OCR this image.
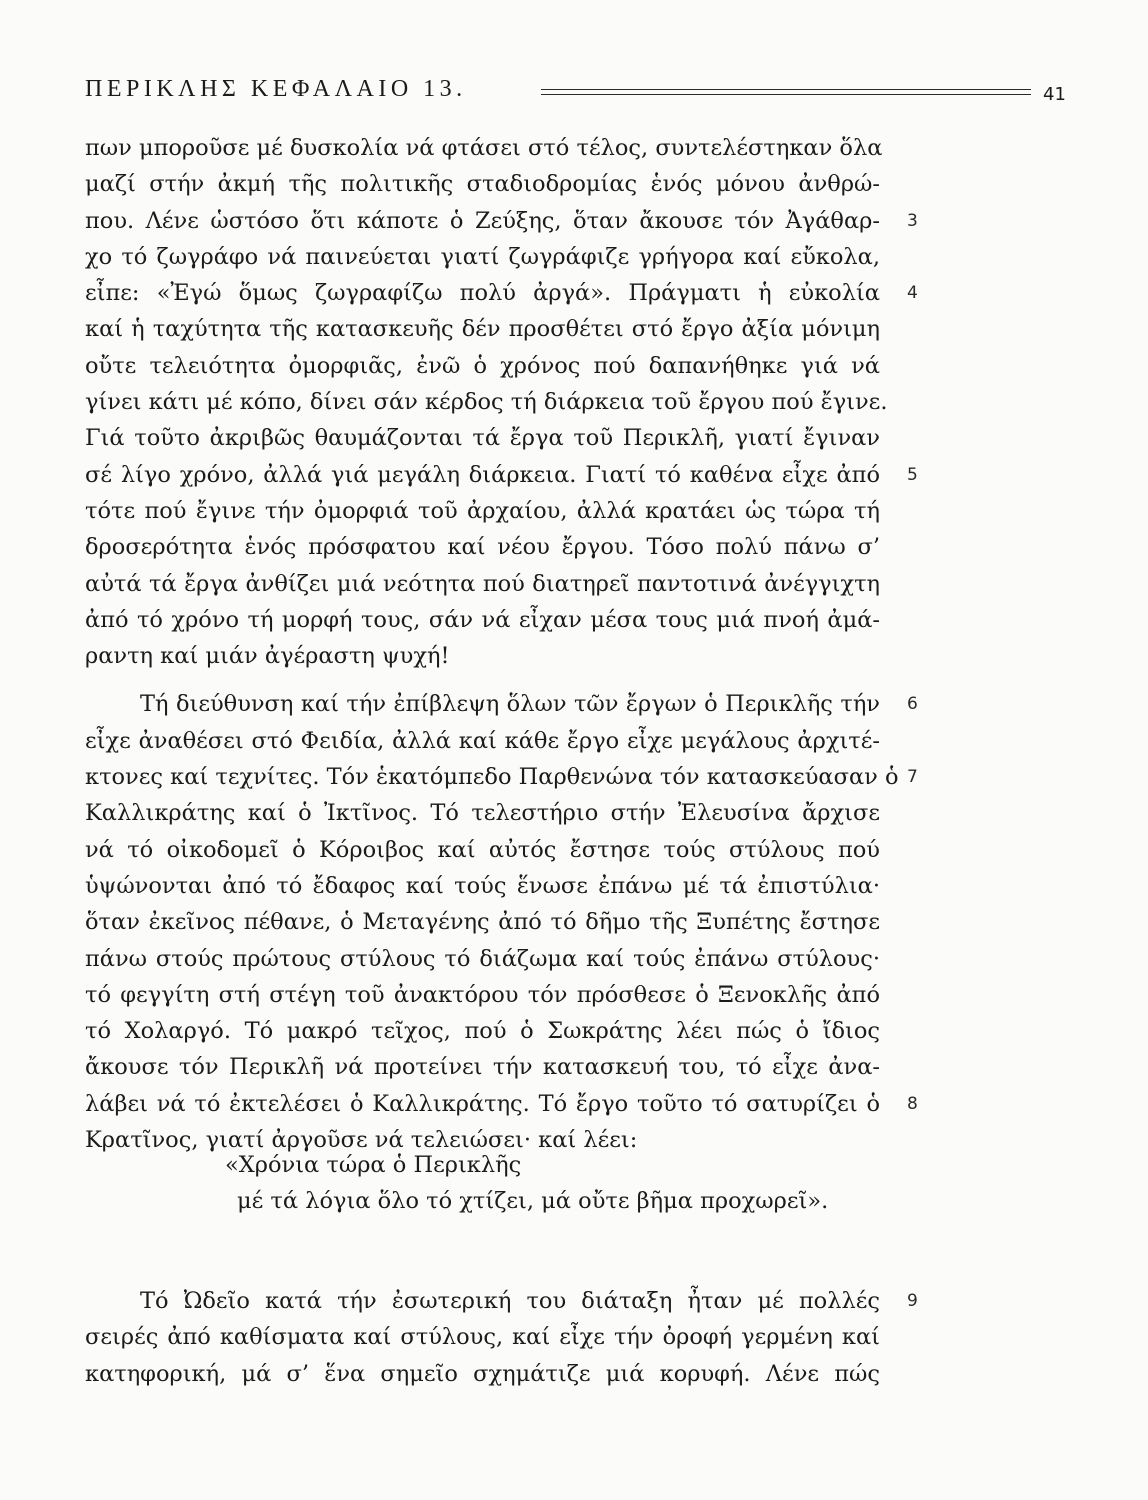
ΠΕΡΙΚΛΗΣ ΚΕΦΑΛΑΙΟ 13.	41
πων μποροῦσε μέ δυσκολία νά φτάσει στό τέλος, συντελέστηκαν ὅλα
μαζί στήν ἀκμή τῆς πολιτικῆς σταδιοδρομίας ἑνός μόνου ἀνθρώ-
που. Λένε ὡστόσο ὅτι κάποτε ὁ Ζεύξης, ὅταν ἄκουσε τόν Ἀγάθαρ- 3
χο τό ζωγράφο νά παινεύεται γιατί ζωγράφιζε γρήγορα καί εὔκολα,
εἶπε: «Ἐγώ ὅμως ζωγραφίζω πολύ ἀργά». Πράγματι ἡ εὐκολία 4
καί ἡ ταχύτητα τῆς κατασκευῆς δέν προσθέτει στό ἔργο ἀξία μόνιμη
οὔτε τελειότητα ὀμορφιᾶς, ἐνῶ ὁ χρόνος πού δαπανήθηκε γιά νά
γίνει κάτι μέ κόπο, δίνει σάν κέρδος τή διάρκεια τοῦ ἔργου πού ἔγινε.
Γιά τοῦτο ἀκριβῶς θαυμάζονται τά ἔργα τοῦ Περικλῆ, γιατί ἔγιναν
σέ λίγο χρόνο, ἀλλά γιά μεγάλη διάρκεια. Γιατί τό καθένα εἶχε ἀπό 5
τότε πού ἔγινε τήν ὀμορφιά τοῦ ἀρχαίου, ἀλλά κρατάει ὡς τώρα τή
δροσερότητα ἑνός πρόσφατου καί νέου ἔργου. Τόσο πολύ πάνω σ’
αὐτά τά ἔργα ἀνθίζει μιά νεότητα πού διατηρεῖ παντοτινά ἀνέγγιχτη
ἀπό τό χρόνο τή μορφή τους, σάν νά εἶχαν μέσα τους μιά πνοή ἀμά-
ραντη καί μιάν ἀγέραστη ψυχή!
Τή διεύθυνση καί τήν ἐπίβλεψη ὅλων τῶν ἔργων ὁ Περικλῆς τήν 6
εἶχε ἀναθέσει στό Φειδία, ἀλλά καί κάθε ἔργο εἶχε μεγάλους ἀρχιτέ-
κτονες καί τεχνίτες. Τόν ἑκατόμπεδο Παρθενώνα τόν κατασκεύασαν ὁ 7
Καλλικράτης καί ὁ Ἰκτῖνος. Τό τελεστήριο στήν Ἐλευσίνα ἄρχισε
νά τό οἰκοδομεῖ ὁ Κόροιβος καί αὐτός ἔστησε τούς στύλους πού
ὑψώνονται ἀπό τό ἔδαφος καί τούς ἕνωσε ἐπάνω μέ τά ἐπιστύλια·
ὅταν ἐκεῖνος πέθανε, ὁ Μεταγένης ἀπό τό δῆμο τῆς Ξυπέτης ἔστησε
πάνω στούς πρώτους στύλους τό διάζωμα καί τούς ἐπάνω στύλους·
τό φεγγίτη στή στέγη τοῦ ἀνακτόρου τόν πρόσθεσε ὁ Ξενοκλῆς ἀπό
τό Χολαργό. Τό μακρό τεῖχος, πού ὁ Σωκράτης λέει πώς ὁ ἴδιος
ἄκουσε τόν Περικλῆ νά προτείνει τήν κατασκευή του, τό εἶχε ἀνα-
λάβει νά τό ἐκτελέσει ὁ Καλλικράτης. Τό ἔργο τοῦτο τό σατυρίζει ὁ 8
Κρατῖνος, γιατί ἀργοῦσε νά τελειώσει· καί λέει:
«Χρόνια τώρα ὁ Περικλῆς
μέ τά λόγια ὅλο τό χτίζει, μά οὔτε βῆμα προχωρεῖ».
Τό Ὠδεῖο κατά τήν ἐσωτερική του διάταξη ἦταν μέ πολλές 9
σειρές ἀπό καθίσματα καί στύλους, καί εἶχε τήν ὀροφή γερμένη καί
κατηφορική, μά σ’ ἕνα σημεῖο σχημάτιζε μιά κορυφή. Λένε πώς
